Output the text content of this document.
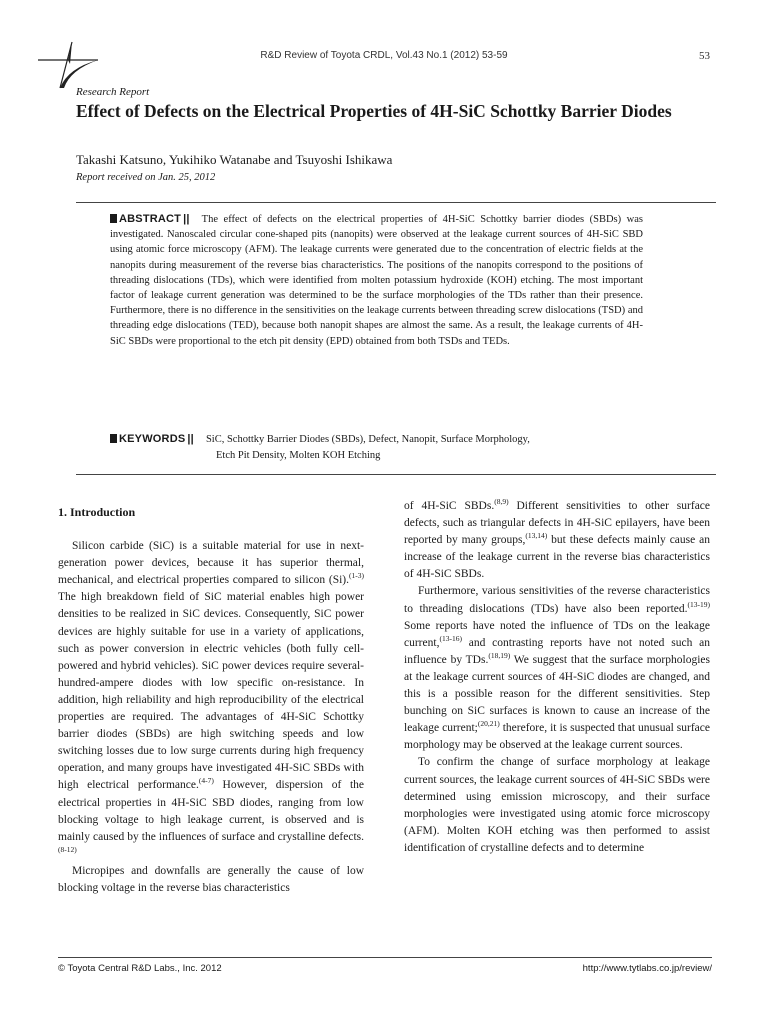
R&D Review of Toyota CRDL, Vol.43 No.1 (2012) 53-59	53
Research Report
Effect of Defects on the Electrical Properties of 4H-SiC Schottky Barrier Diodes
Takashi Katsuno, Yukihiko Watanabe and Tsuyoshi Ishikawa
Report received on Jan. 25, 2012

ABSTRACT || The effect of defects on the electrical properties of 4H-SiC Schottky barrier diodes (SBDs) was investigated. Nanoscaled circular cone-shaped pits (nanopits) were observed at the leakage current sources of 4H-SiC SBD using atomic force microscopy (AFM). The leakage currents were generated due to the concentration of electric fields at the nanopits during measurement of the reverse bias characteristics. The positions of the nanopits correspond to the positions of threading dislocations (TDs), which were identified from molten potassium hydroxide (KOH) etching. The most important factor of leakage current generation was determined to be the surface morphologies of the TDs rather than their presence. Furthermore, there is no difference in the sensitivities on the leakage currents between threading screw dislocations (TSD) and threading edge dislocations (TED), because both nanopit shapes are almost the same. As a result, the leakage currents of 4H-SiC SBDs were proportional to the etch pit density (EPD) obtained from both TSDs and TEDs.

KEYWORDS || SiC, Schottky Barrier Diodes (SBDs), Defect, Nanopit, Surface Morphology,
Etch Pit Density, Molten KOH Etching
1. Introduction

Silicon carbide (SiC) is a suitable material for use in next-generation power devices, because it has superior thermal, mechanical, and electrical properties compared to silicon (Si).$^{(1-3)}$ The high breakdown field of SiC material enables high power densities to be realized in SiC devices. Consequently, SiC power devices are highly suitable for use in a variety of applications, such as power conversion in electric vehicles (both fully cell-powered and hybrid vehicles). SiC power devices require several-hundred-ampere diodes with low specific on-resistance. In addition, high reliability and high reproducibility of the electrical properties are required. The advantages of 4H-SiC Schottky barrier diodes (SBDs) are high switching speeds and low switching losses due to low surge currents during high frequency operation, and many groups have investigated 4H-SiC SBDs with high electrical performance.$^{(4-7)}$ However, dispersion of the electrical properties in 4H-SiC SBD diodes, ranging from low blocking voltage to high leakage current, is observed and is mainly caused by the influences of surface and crystalline defects.$^{(8-12)}$

Micropipes and downfalls are generally the cause of low blocking voltage in the reverse bias characteristics

of 4H-SiC SBDs.$^{(8,9)}$ Different sensitivities to other surface defects, such as triangular defects in 4H-SiC epilayers, have been reported by many groups,$^{(13,14)}$ but these defects mainly cause an increase of the leakage current in the reverse bias characteristics of 4H-SiC SBDs.

Furthermore, various sensitivities of the reverse characteristics to threading dislocations (TDs) have also been reported.$^{(13-19)}$ Some reports have noted the influence of TDs on the leakage current,$^{(13-16)}$ and contrasting reports have not noted such an influence by TDs.$^{(18,19)}$ We suggest that the surface morphologies at the leakage current sources of 4H-SiC diodes are changed, and this is a possible reason for the different sensitivities. Step bunching on SiC surfaces is known to cause an increase of the leakage current;$^{(20,21)}$ therefore, it is suspected that unusual surface morphology may be observed at the leakage current sources.

To confirm the change of surface morphology at leakage current sources, the leakage current sources of 4H-SiC SBDs were determined using emission microscopy, and their surface morphologies were investigated using atomic force microscopy (AFM). Molten KOH etching was then performed to assist identification of crystalline defects and to determine

© Toyota Central R&D Labs., Inc. 2012	http://www.tytlabs.co.jp/review/
